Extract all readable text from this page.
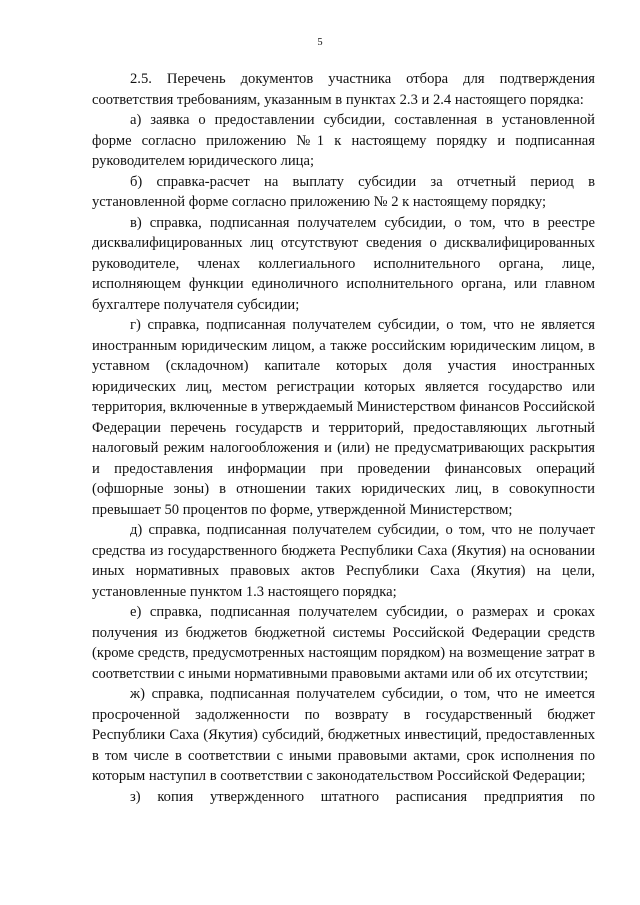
5

2.5. Перечень документов участника отбора для подтверждения соответствия требованиям, указанным в пунктах 2.3 и 2.4 настоящего порядка:

а) заявка о предоставлении субсидии, составленная в установленной форме согласно приложению №1 к настоящему порядку и подписанная руководителем юридического лица;

б) справка-расчет на выплату субсидии за отчетный период в установленной форме согласно приложению № 2 к настоящему порядку;

в) справка, подписанная получателем субсидии, о том, что в реестре дисквалифицированных лиц отсутствуют сведения о дисквалифицированных руководителе, членах коллегиального исполнительного органа, лице, исполняющем функции единоличного исполнительного органа, или главном бухгалтере получателя субсидии;

г) справка, подписанная получателем субсидии, о том, что не является иностранным юридическим лицом, а также российским юридическим лицом, в уставном (складочном) капитале которых доля участия иностранных юридических лиц, местом регистрации которых является государство или территория, включенные в утверждаемый Министерством финансов Российской Федерации перечень государств и территорий, предоставляющих льготный налоговый режим налогообложения и (или) не предусматривающих раскрытия и предоставления информации при проведении финансовых операций (офшорные зоны) в отношении таких юридических лиц, в совокупности превышает 50 процентов по форме, утвержденной Министерством;

д) справка, подписанная получателем субсидии, о том, что не получает средства из государственного бюджета Республики Саха (Якутия) на основании иных нормативных правовых актов Республики Саха (Якутия) на цели, установленные пунктом 1.3 настоящего порядка;

е) справка, подписанная получателем субсидии, о размерах и сроках получения из бюджетов бюджетной системы Российской Федерации средств (кроме средств, предусмотренных настоящим порядком) на возмещение затрат в соответствии с иными нормативными правовыми актами или об их отсутствии;

ж) справка, подписанная получателем субсидии, о том, что не имеется просроченной задолженности по возврату в государственный бюджет Республики Саха (Якутия) субсидий, бюджетных инвестиций, предоставленных в том числе в соответствии с иными правовыми актами, срок исполнения по которым наступил в соответствии с законодательством Российской Федерации;

з) копия утвержденного штатного расписания предприятия по
